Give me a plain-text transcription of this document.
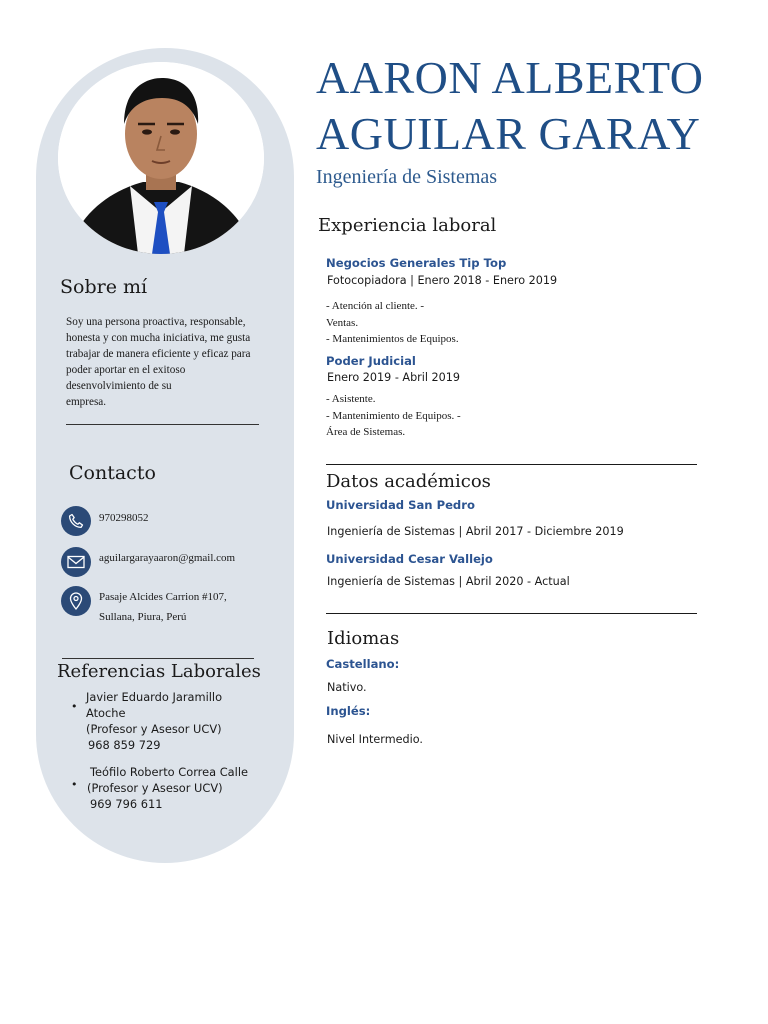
Sobre mí
Soy una persona proactiva, responsable, honesta y con mucha iniciativa, me gusta trabajar de manera eficiente y eficaz para poder aportar en el exitoso desenvolvimiento de su
empresa.
Contacto
970298052
aguilargarayaaron@gmail.com
Pasaje Alcides Carrion #107,
Sullana, Piura, Perú
Referencias Laborales
•
Javier Eduardo Jaramillo
Atoche
(Profesor y Asesor UCV)
968 859 729
•
Teófilo Roberto Correa Calle
(Profesor y Asesor UCV)
969 796 611
AARON ALBERTO
AGUILAR GARAY
Ingeniería de Sistemas
Experiencia laboral
Negocios Generales Tip Top
Fotocopiadora | Enero 2018 - Enero 2019
- Atención al cliente. -
Ventas.
- Mantenimientos de Equipos.
Poder Judicial
Enero 2019 - Abril 2019
- Asistente.
- Mantenimiento de Equipos. -
Área de Sistemas.
Datos académicos
Universidad San Pedro
Ingeniería de Sistemas | Abril 2017 - Diciembre 2019
Universidad Cesar Vallejo
Ingeniería de Sistemas | Abril 2020 - Actual
Idiomas
Castellano:
Nativo.
Inglés:
Nivel Intermedio.
